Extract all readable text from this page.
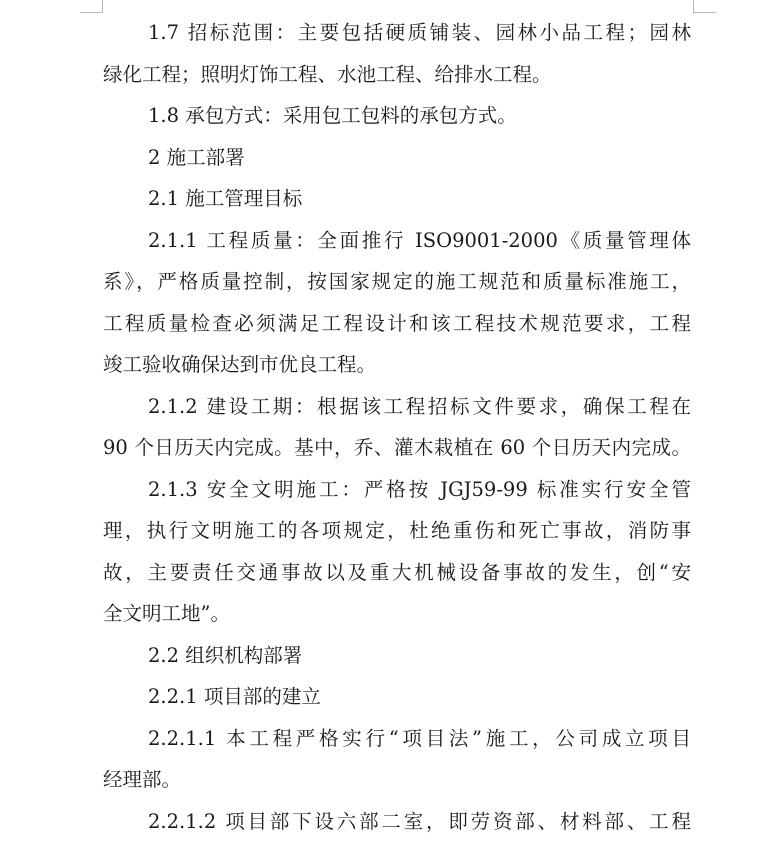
1.7 招标范围：主要包括硬质铺装、园林小品工程；园林
绿化工程；照明灯饰工程、水池工程、给排水工程。
1.8 承包方式：采用包工包料的承包方式。
2 施工部署
2.1 施工管理目标
2.1.1 工程质量：全面推行 ISO9001-2000《质量管理体
系》，严格质量控制，按国家规定的施工规范和质量标准施工，
工程质量检查必须满足工程设计和该工程技术规范要求，工程
竣工验收确保达到市优良工程。
2.1.2 建设工期：根据该工程招标文件要求，确保工程在
90 个日历天内完成。基中，乔、灌木栽植在 60 个日历天内完成。
2.1.3 安全文明施工：严格按 JGJ59-99 标准实行安全管
理，执行文明施工的各项规定，杜绝重伤和死亡事故，消防事
故，主要责任交通事故以及重大机械设备事故的发生，创“安
全文明工地”。
2.2 组织机构部署
2.2.1 项目部的建立
2.2.1.1 本工程严格实行“项目法”施工，公司成立项目
经理部。
2.2.1.2 项目部下设六部二室，即劳资部、材料部、工程
